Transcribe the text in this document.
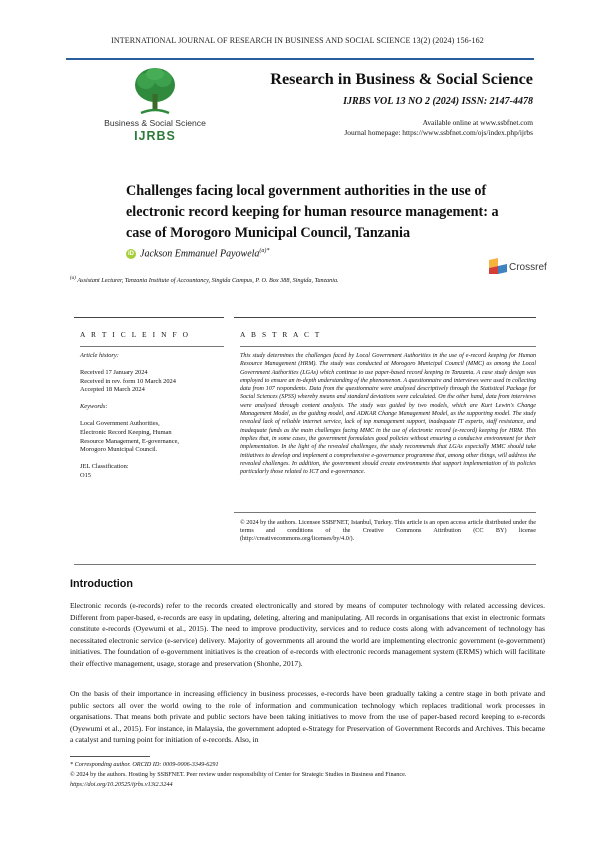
INTERNATIONAL JOURNAL OF RESEARCH IN BUSINESS AND SOCIAL SCIENCE 13(2) (2024) 156-162
Business & Social Science
IJRBS
Research in Business & Social Science
IJRBS VOL 13 NO 2 (2024) ISSN: 2147-4478
Available online at www.ssbfnet.com
Journal homepage: https://www.ssbfnet.com/ojs/index.php/ijrbs
Challenges facing local government authorities in the use of electronic record keeping for human resource management: a case of Morogoro Municipal Council, Tanzania
Crossref
iD Jackson Emmanuel Payowela$^{(a)*}$
$^{(a)}$ Assistant Lecturer, Tanzania Institute of Accountancy, Singida Campus, P. O. Box 388, Singida, Tanzania.
A R T I C L E I N F O	A B S T R A C T
Article history:
Received 17 January 2024
Received in rev. form 10 March 2024
Accepted 18 March 2024
Keywords:
Local Government Authorities,
Electronic Record Keeping, Human
Resource Management, E-governance,
Morogoro Municipal Council.
JEL Classification:
O15
This study determines the challenges faced by Local Government Authorities in the use of e-record keeping for Human Resource Management (HRM). The study was conducted at Morogoro Municipal Council (MMC) as among the Local Government Authorities (LGAs) which continue to use paper-based record keeping in Tanzania. A case study design was employed to ensure an in-depth understanding of the phenomenon. A questionnaire and interviews were used in collecting data from 107 respondents. Data from the questionnaire were analysed descriptively through the Statistical Package for Social Sciences (SPSS) whereby means and standard deviations were calculated. On the other hand, data from interviews were analysed through content analysis. The study was guided by two models, which are Kurt Lewin's Change Management Model, as the guiding model, and ADKAR Change Management Model, as the supporting model. The study revealed lack of reliable internet service, lack of top management support, inadequate IT experts, staff resistance, and inadequate funds as the main challenges facing MMC in the use of electronic record (e-record) keeping for HRM. This implies that, in some cases, the government formulates good policies without ensuring a conducive environment for their implementation. In the light of the revealed challenges, the study recommends that LGAs especially MMC should take initiatives to develop and implement a comprehensive e-governance programme that, among other things, will address the revealed challenges. In addition, the government should create environments that support implementation of its policies particularly those related to ICT and e-governance.
© 2024 by the authors. Licensee SSBFNET, Istanbul, Turkey. This article is an open access article distributed under the terms and conditions of the Creative Commons Attribution (CC BY) license (http://creativecommons.org/licenses/by/4.0/).
Introduction
Electronic records (e-records) refer to the records created electronically and stored by means of computer technology with related accessing devices. Different from paper-based, e-records are easy in updating, deleting, altering and manipulating. All records in organisations that exist in electronic formats constitute e-records (Oyewumi et al., 2015). The need to improve productivity, services and to reduce costs along with advancement of technology has necessitated electronic service (e-service) delivery. Majority of governments all around the world are implementing electronic government (e-government) initiatives. The foundation of e-government initiatives is the creation of e-records with electronic records management system (ERMS) which will facilitate their effective management, usage, storage and preservation (Shonhe, 2017).
On the basis of their importance in increasing efficiency in business processes, e-records have been gradually taking a centre stage in both private and public sectors all over the world owing to the role of information and communication technology which replaces traditional work processes in organisations. That means both private and public sectors have been taking initiatives to move from the use of paper-based record keeping to e-records (Oyewumi et al., 2015). For instance, in Malaysia, the government adopted e-Strategy for Preservation of Government Records and Archives. This became a catalyst and turning point for initiation of e-records. Also, in
* Corresponding author. ORCID ID: 0009-0006-3349-6291
© 2024 by the authors. Hosting by SSBFNET. Peer review under responsibility of Center for Strategic Studies in Business and Finance.
https://doi.org/10.20525/ijrbs.v13i2.3244
